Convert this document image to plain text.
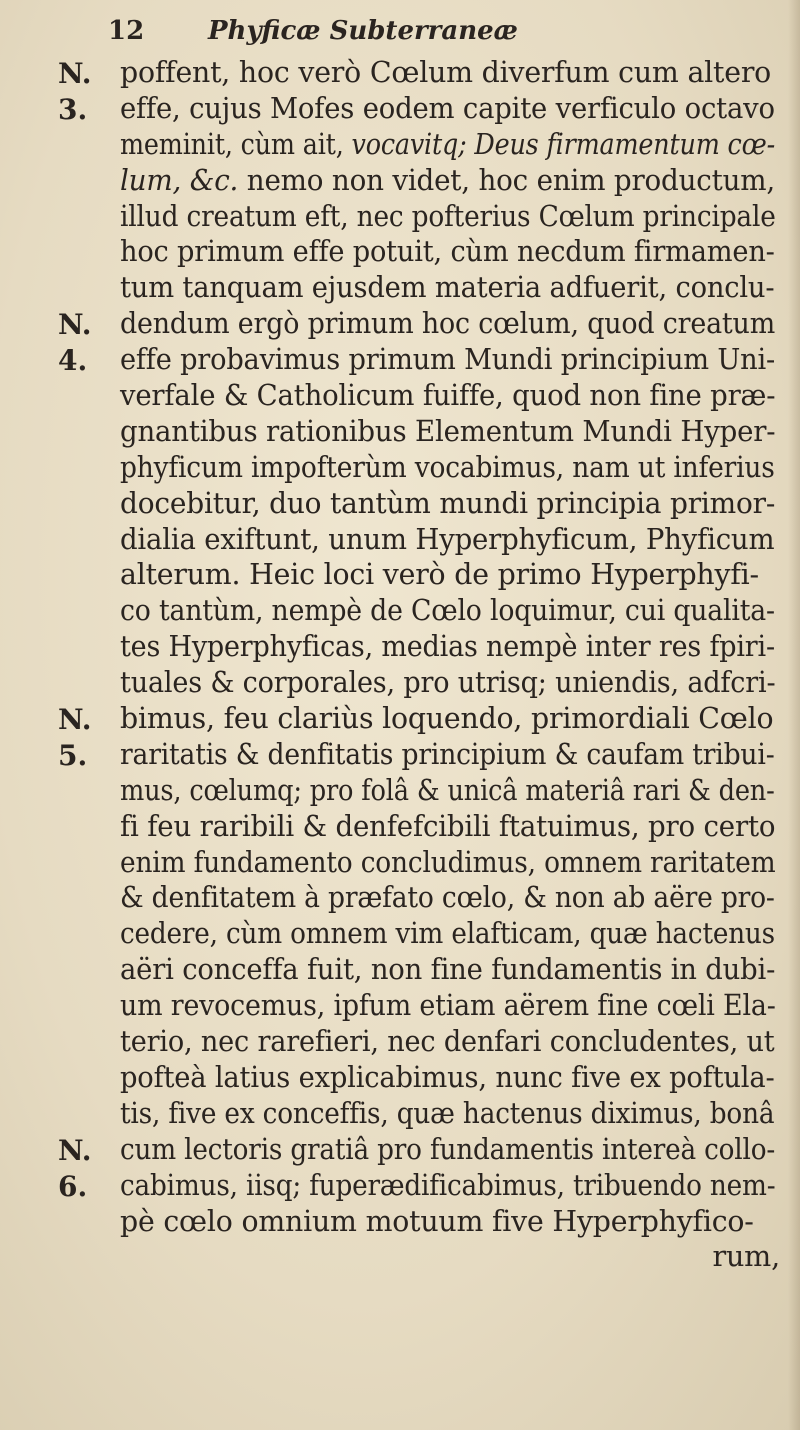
12 Phyficæ Subterraneæ
N. poffent, hoc verò Cœlum diverfum cum altero
3. effe, cujus Mofes eodem capite verficulo octavo
meminit, cùm ait, vocavitq; Deus firmamentum cœ-
lum, &c. nemo non videt, hoc enim productum,
illud creatum eft, nec pofterius Cœlum principale
hoc primum effe potuit, cùm necdum firmamen-
tum tanquam ejusdem materia adfuerit, conclu-
N. dendum ergò primum hoc cœlum, quod creatum
4. effe probavimus primum Mundi principium Uni-
verfale & Catholicum fuiffe, quod non fine præ-
gnantibus rationibus Elementum Mundi Hyper-
phyficum impofterùm vocabimus, nam ut inferius
docebitur, duo tantùm mundi principia primor-
dialia exiftunt, unum Hyperphyficum, Phyficum
alterum. Heic loci verò de primo Hyperphyfi-
co tantùm, nempè de Cœlo loquimur, cui qualita-
tes Hyperphyficas, medias nempè inter res fpiri-
tuales & corporales, pro utrisq; uniendis, adfcri-
N. bimus, feu clariùs loquendo, primordiali Cœlo
5. raritatis & denfitatis principium & caufam tribui-
mus, cœlumq; pro folâ & unicâ materiâ rari & den-
fi feu raribili & denfefcibili ftatuimus, pro certo
enim fundamento concludimus, omnem raritatem
& denfitatem à præfato cœlo, & non ab aëre pro-
cedere, cùm omnem vim elafticam, quæ hactenus
aëri conceffa fuit, non fine fundamentis in dubi-
um revocemus, ipfum etiam aërem fine cœli Ela-
terio, nec rarefieri, nec denfari concludentes, ut
pofteà latius explicabimus, nunc five ex poftula-
tis, five ex conceffis, quæ hactenus diximus, bonâ
N. cum lectoris gratiâ pro fundamentis intereà collo-
6. cabimus, iisq; fuperædificabimus, tribuendo nem-
pè cœlo omnium motuum five Hyperphyfico-
rum,
